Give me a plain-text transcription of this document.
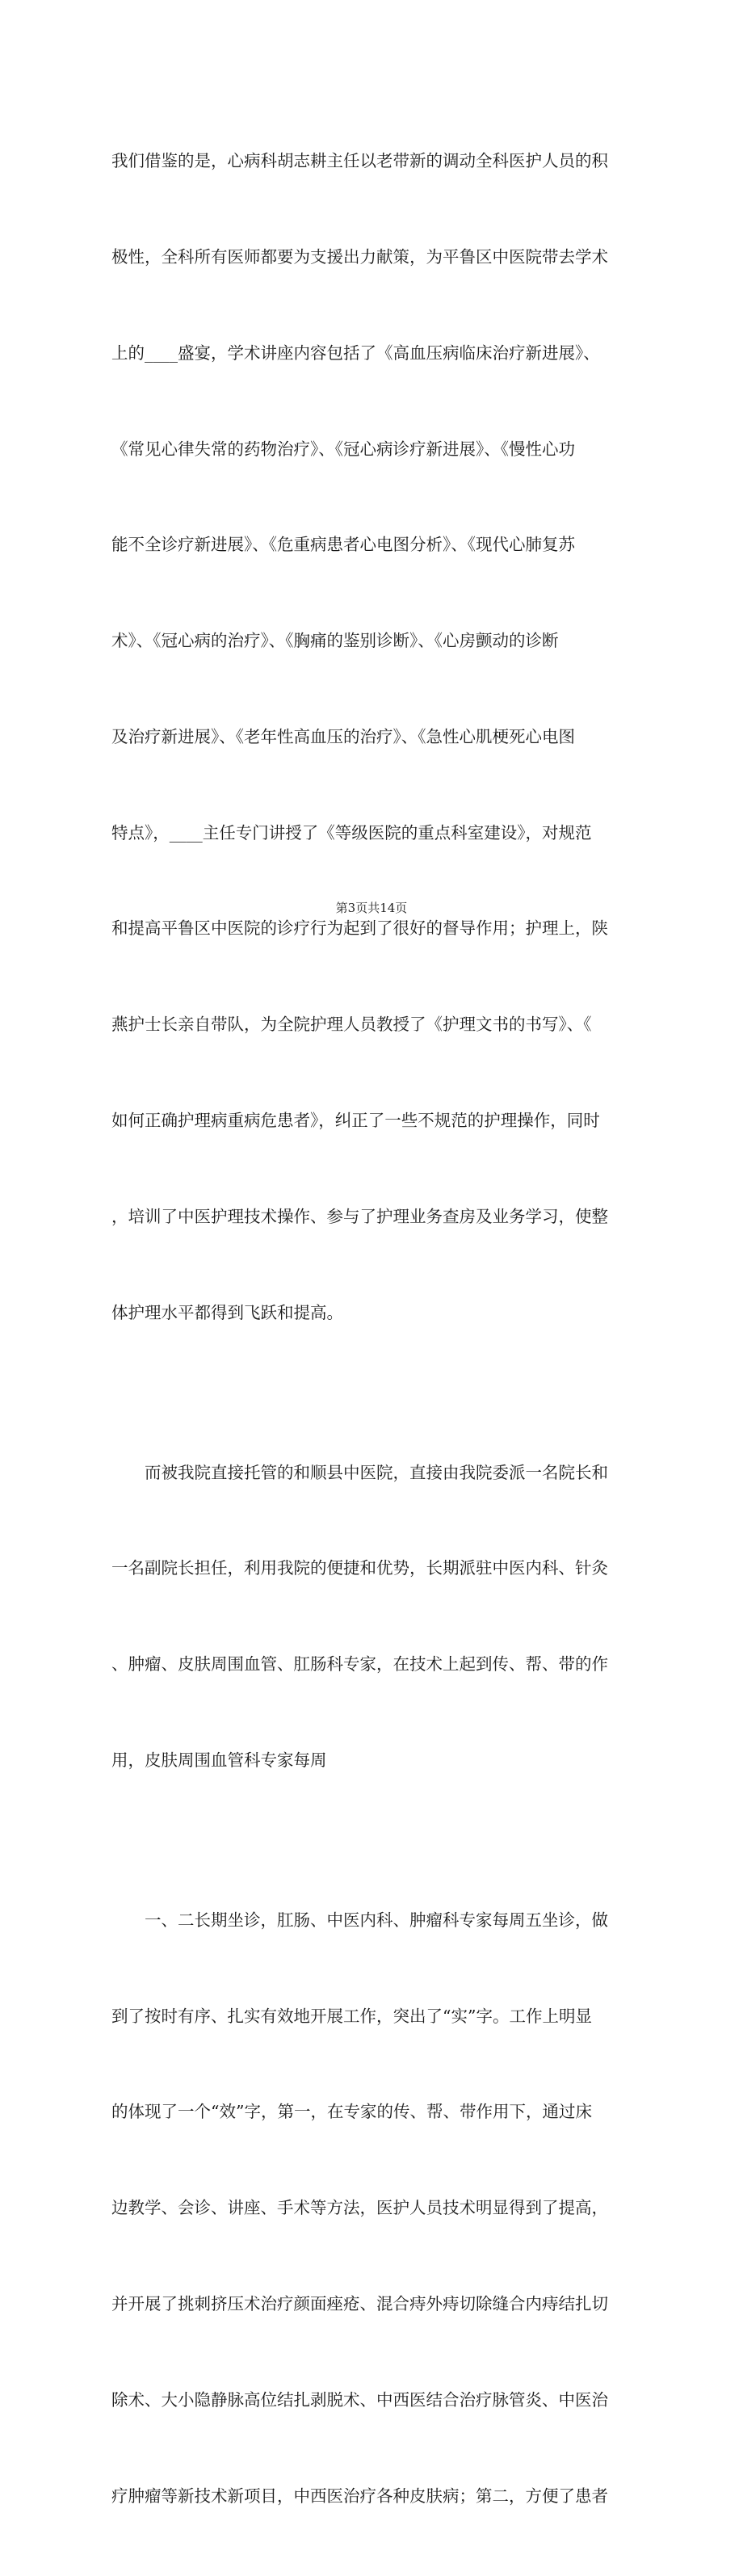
我们借鉴的是，心病科胡志耕主任以老带新的调动全科医护人员的积

极性，全科所有医师都要为支援出力献策，为平鲁区中医院带去学术

上的____盛宴，学术讲座内容包括了《高血压病临床治疗新进展》、

《常见心律失常的药物治疗》、《冠心病诊疗新进展》、《慢性心功

能不全诊疗新进展》、《危重病患者心电图分析》、《现代心肺复苏

术》、《冠心病的治疗》、《胸痛的鉴别诊断》、《心房颤动的诊断

及治疗新进展》、《老年性高血压的治疗》、《急性心肌梗死心电图

特点》，____主任专门讲授了《等级医院的重点科室建设》，对规范

和提高平鲁区中医院的诊疗行为起到了很好的督导作用；护理上，陕

燕护士长亲自带队，为全院护理人员教授了《护理文书的书写》、《

如何正确护理病重病危患者》，纠正了一些不规范的护理操作，同时

，培训了中医护理技术操作、参与了护理业务查房及业务学习，使整

体护理水平都得到飞跃和提高。

　　而被我院直接托管的和顺县中医院，直接由我院委派一名院长和

一名副院长担任，利用我院的便捷和优势，长期派驻中医内科、针灸

、肿瘤、皮肤周围血管、肛肠科专家，在技术上起到传、帮、带的作

用，皮肤周围血管科专家每周

　　一、二长期坐诊，肛肠、中医内科、肿瘤科专家每周五坐诊，做

到了按时有序、扎实有效地开展工作，突出了“实”字。工作上明显

的体现了一个“效”字，第一，在专家的传、帮、带作用下，通过床

边教学、会诊、讲座、手术等方法，医护人员技术明显得到了提高，

并开展了挑刺挤压术治疗颜面痤疮、混合痔外痔切除缝合内痔结扎切

除术、大小隐静脉高位结扎剥脱术、中西医结合治疗脉管炎、中医治

疗肿瘤等新技术新项目，中西医治疗各种皮肤病；第二，方便了患者

第3页共14页
